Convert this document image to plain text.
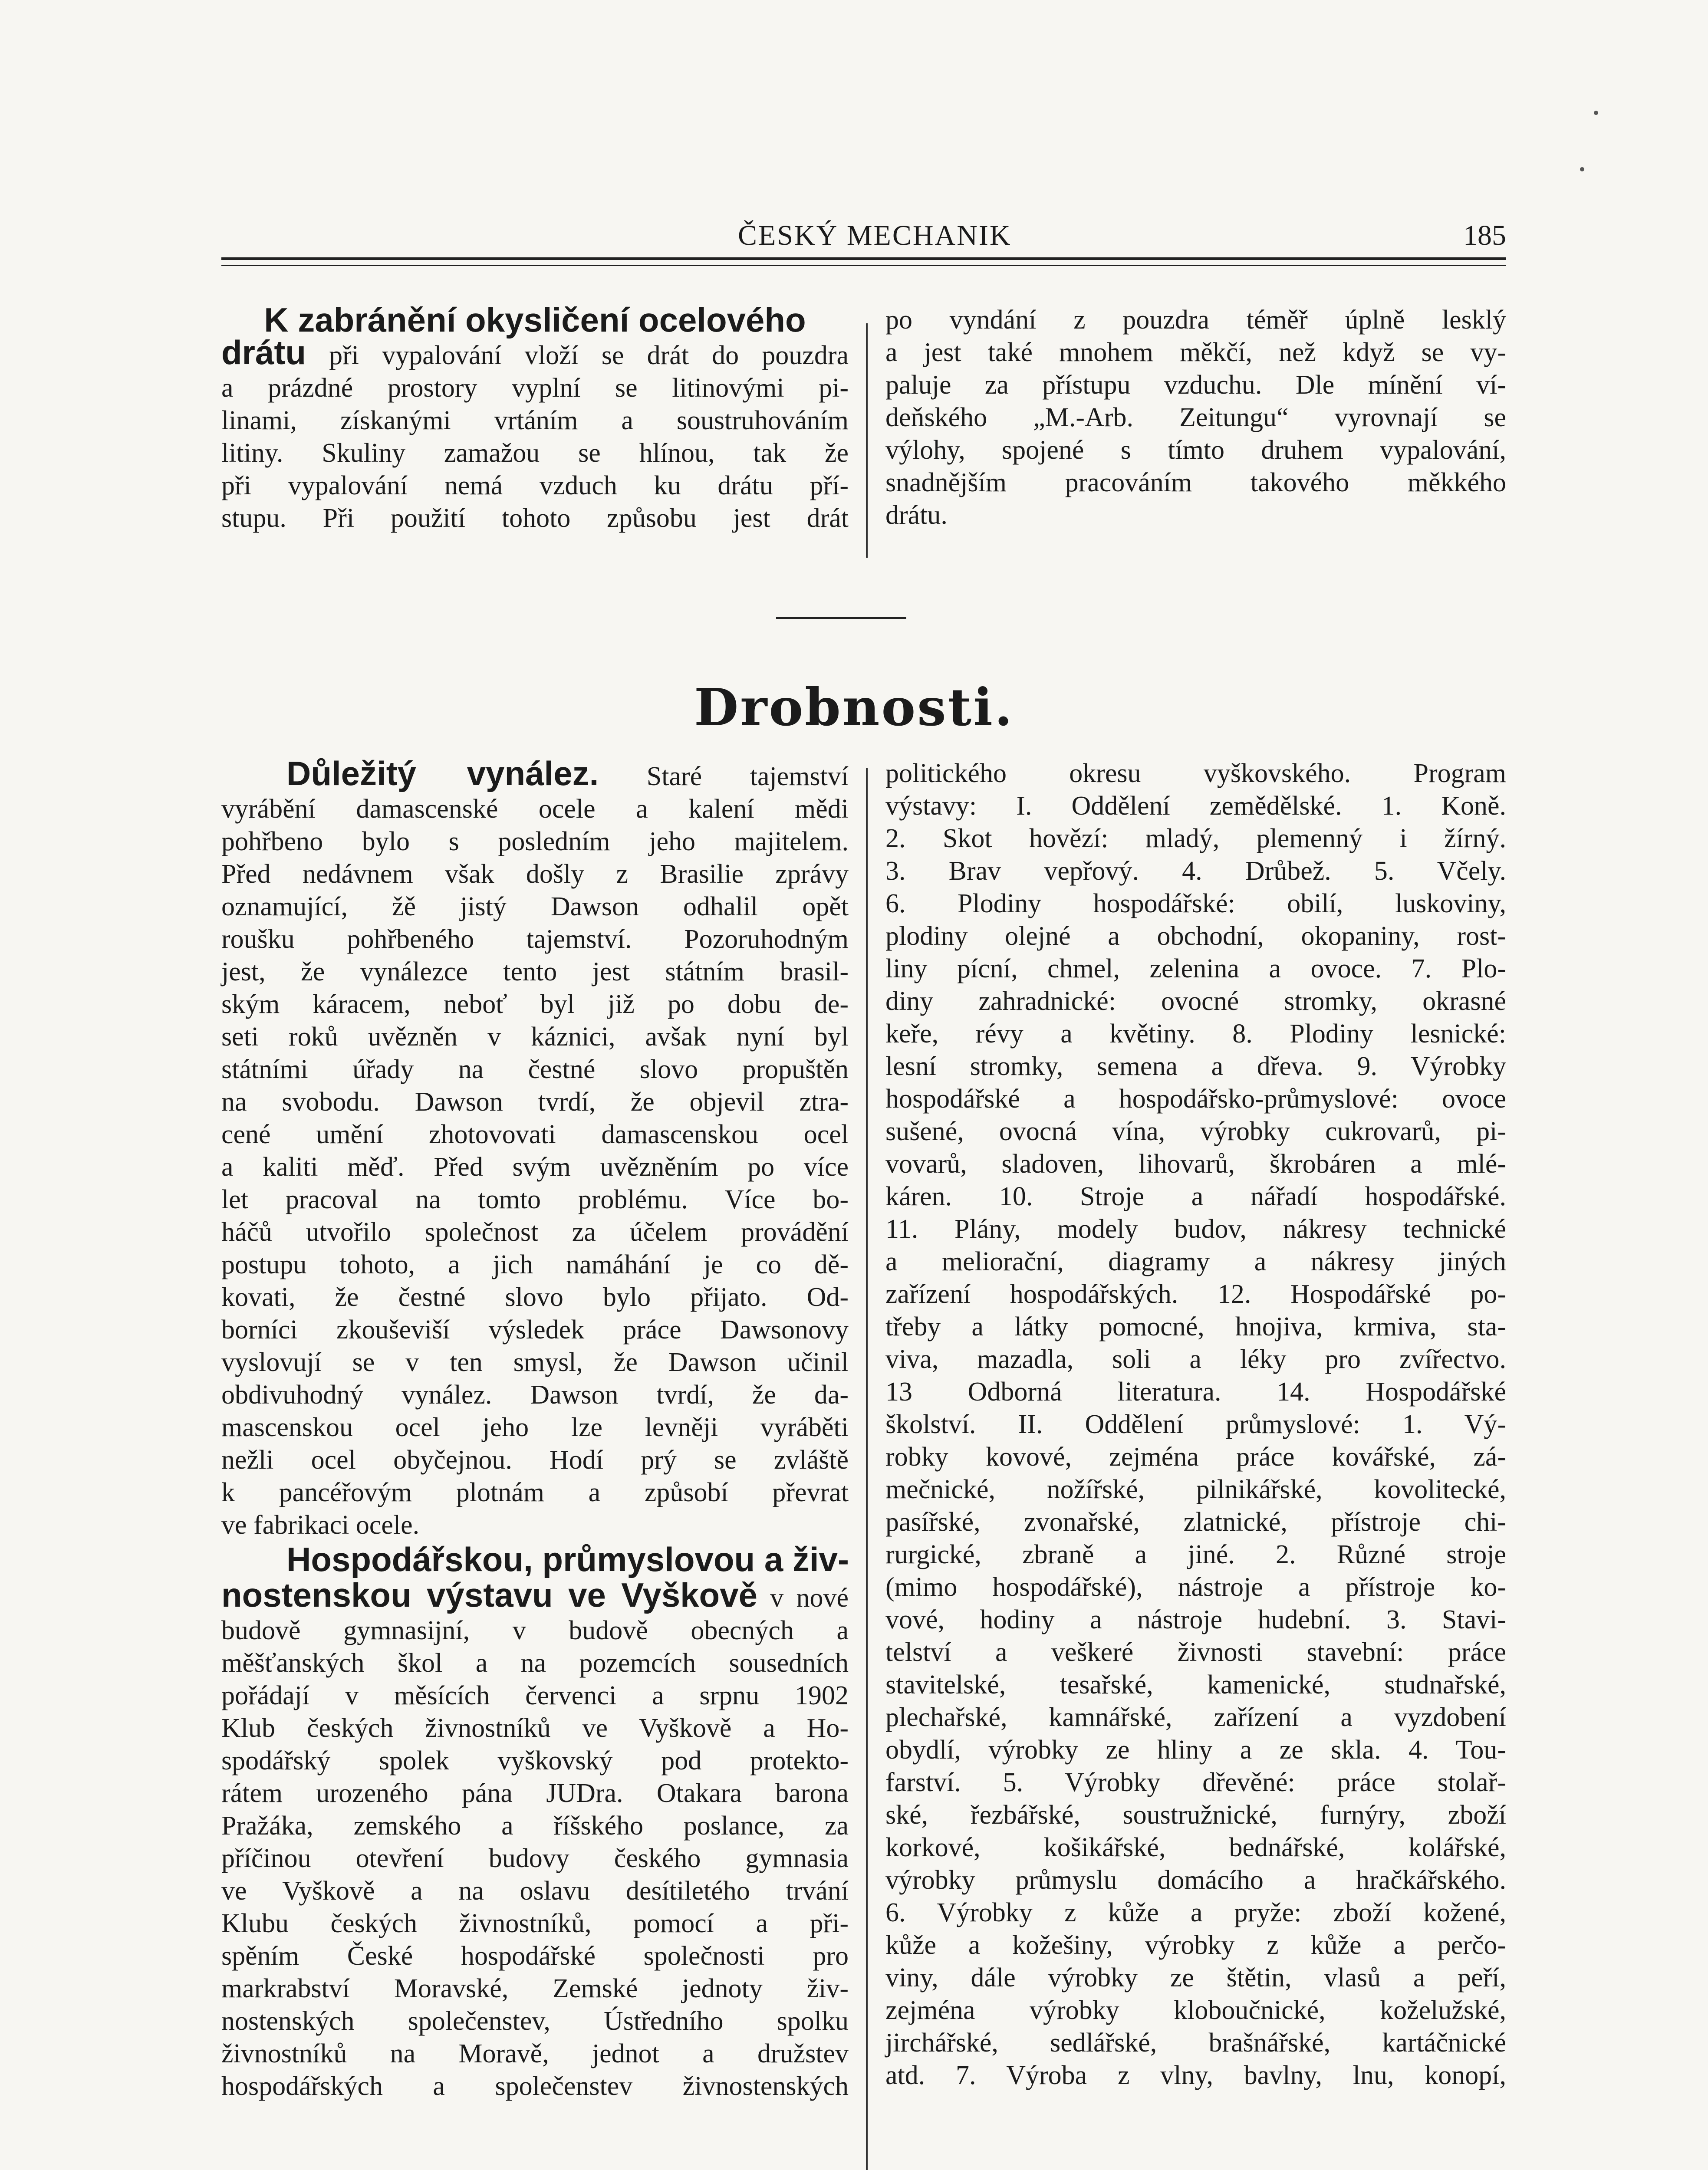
ČESKÝ MECHANIK	185
K zabránění okysličení ocelového
drátu při vypalování vloží se drát do pouzdra
a prázdné prostory vyplní se litinovými pi-
linami, získanými vrtáním a soustruhováním
litiny. Skuliny zamažou se hlínou, tak že
při vypalování nemá vzduch ku drátu pří-
stupu. Při použití tohoto způsobu jest drát
po vyndání z pouzdra téměř úplně lesklý
a jest také mnohem měkčí, než když se vy-
paluje za přístupu vzduchu. Dle mínění ví-
deňského „M.-Arb. Zeitungu“ vyrovnají se
výlohy, spojené s tímto druhem vypalování,
snadnějším pracováním takového měkkého
drátu.
Drobnosti.
Důležitý vynález. Staré tajemství
vyrábění damascenské ocele a kalení mědi
pohřbeno bylo s posledním jeho majitelem.
Před nedávnem však došly z Brasilie zprávy
oznamující, žě jistý Dawson odhalil opět
roušku pohřbeného tajemství. Pozoruhodným
jest, že vynálezce tento jest státním brasil-
ským káracem, neboť byl již po dobu de-
seti roků uvězněn v káznici, avšak nyní byl
státními úřady na čestné slovo propuštěn
na svobodu. Dawson tvrdí, že objevil ztra-
cené umění zhotovovati damascenskou ocel
a kaliti měď. Před svým uvězněním po více
let pracoval na tomto problému. Více bo-
háčů utvořilo společnost za účelem provádění
postupu tohoto, a jich namáhání je co dě-
kovati, že čestné slovo bylo přijato. Od-
borníci zkouševiší výsledek práce Dawsonovy
vyslovují se v ten smysl, že Dawson učinil
obdivuhodný vynález. Dawson tvrdí, že da-
mascenskou ocel jeho lze levněji vyráběti
nežli ocel obyčejnou. Hodí prý se zvláště
k pancéřovým plotnám a způsobí převrat
ve fabrikaci ocele.
Hospodářskou, průmyslovou a živ-
nostenskou výstavu ve Vyškově v nové
budově gymnasijní, v budově obecných a
měšťanských škol a na pozemcích sousedních
pořádají v měsících červenci a srpnu 1902
Klub českých živnostníků ve Vyškově a Ho-
spodářský spolek vyškovský pod protekto-
rátem urozeného pána JUDra. Otakara barona
Pražáka, zemského a říšského poslance, za
příčinou otevření budovy českého gymnasia
ve Vyškově a na oslavu desítiletého trvání
Klubu českých živnostníků, pomocí a při-
spěním České hospodářské společnosti pro
markrabství Moravské, Zemské jednoty živ-
nostenských společenstev, Ústředního spolku
živnostníků na Moravě, jednot a družstev
hospodářských a společenstev živnostenských
politického okresu vyškovského. Program
výstavy: I. Oddělení zemědělské. 1. Koně.
2. Skot hovězí: mladý, plemenný i žírný.
3. Brav vepřový. 4. Drůbež. 5. Včely.
6. Plodiny hospodářské: obilí, luskoviny,
plodiny olejné a obchodní, okopaniny, rost-
liny pícní, chmel, zelenina a ovoce. 7. Plo-
diny zahradnické: ovocné stromky, okrasné
keře, révy a květiny. 8. Plodiny lesnické:
lesní stromky, semena a dřeva. 9. Výrobky
hospodářské a hospodářsko-průmyslové: ovoce
sušené, ovocná vína, výrobky cukrovarů, pi-
vovarů, sladoven, lihovarů, škrobáren a mlé-
káren. 10. Stroje a nářadí hospodářské.
11. Plány, modely budov, nákresy technické
a meliorační, diagramy a nákresy jiných
zařízení hospodářských. 12. Hospodářské po-
třeby a látky pomocné, hnojiva, krmiva, sta-
viva, mazadla, soli a léky pro zvířectvo.
13 Odborná literatura. 14. Hospodářské
školství. II. Oddělení průmyslové: 1. Vý-
robky kovové, zejména práce kovářské, zá-
mečnické, nožířské, pilnikářské, kovolitecké,
pasířské, zvonařské, zlatnické, přístroje chi-
rurgické, zbraně a jiné. 2. Různé stroje
(mimo hospodářské), nástroje a přístroje ko-
vové, hodiny a nástroje hudební. 3. Stavi-
telství a veškeré živnosti stavební: práce
stavitelské, tesařské, kamenické, studnařské,
plechařské, kamnářské, zařízení a vyzdobení
obydlí, výrobky ze hliny a ze skla. 4. Tou-
farství. 5. Výrobky dřevěné: práce stolař-
ské, řezbářské, soustružnické, furnýry, zboží
korkové, košikářské, bednářské, kolářské,
výrobky průmyslu domácího a hračkářského.
6. Výrobky z kůže a pryže: zboží kožené,
kůže a kožešiny, výrobky z kůže a perčo-
viny, dále výrobky ze štětin, vlasů a peří,
zejména výrobky kloboučnické, koželužské,
jirchářské, sedlářské, brašnářské, kartáčnické
atd. 7. Výroba z vlny, bavlny, lnu, konopí,
